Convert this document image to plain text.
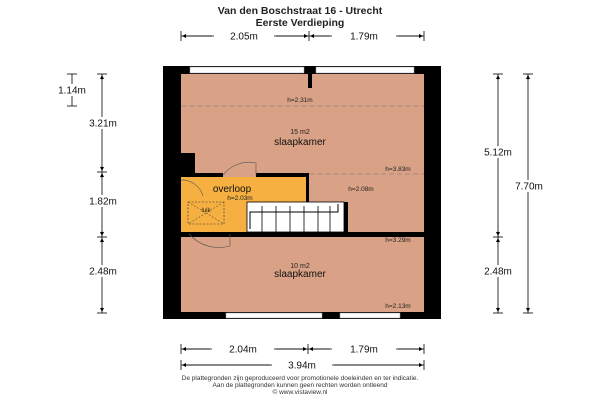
Van den Boschstraat 16 - Utrecht
Eerste Verdieping
2.05m	1.79m
luik
15 m2
slaapkamer
overloop
h=2.03m
10 m2
slaapkamer
h=2.31m
h=3.83m
h=2.08m
h=3.29m
h=2.13m
1.14m
3.21m
1.82m
2.48m
5.12m
2.48m
7.70m
2.04m	1.79m
3.94m
De plattegronden zijn geproduceerd voor promotionele doeleinden en ter indicatie.
Aan de plattegronden kunnen geen rechten worden ontleend
© www.vistaview.nl
